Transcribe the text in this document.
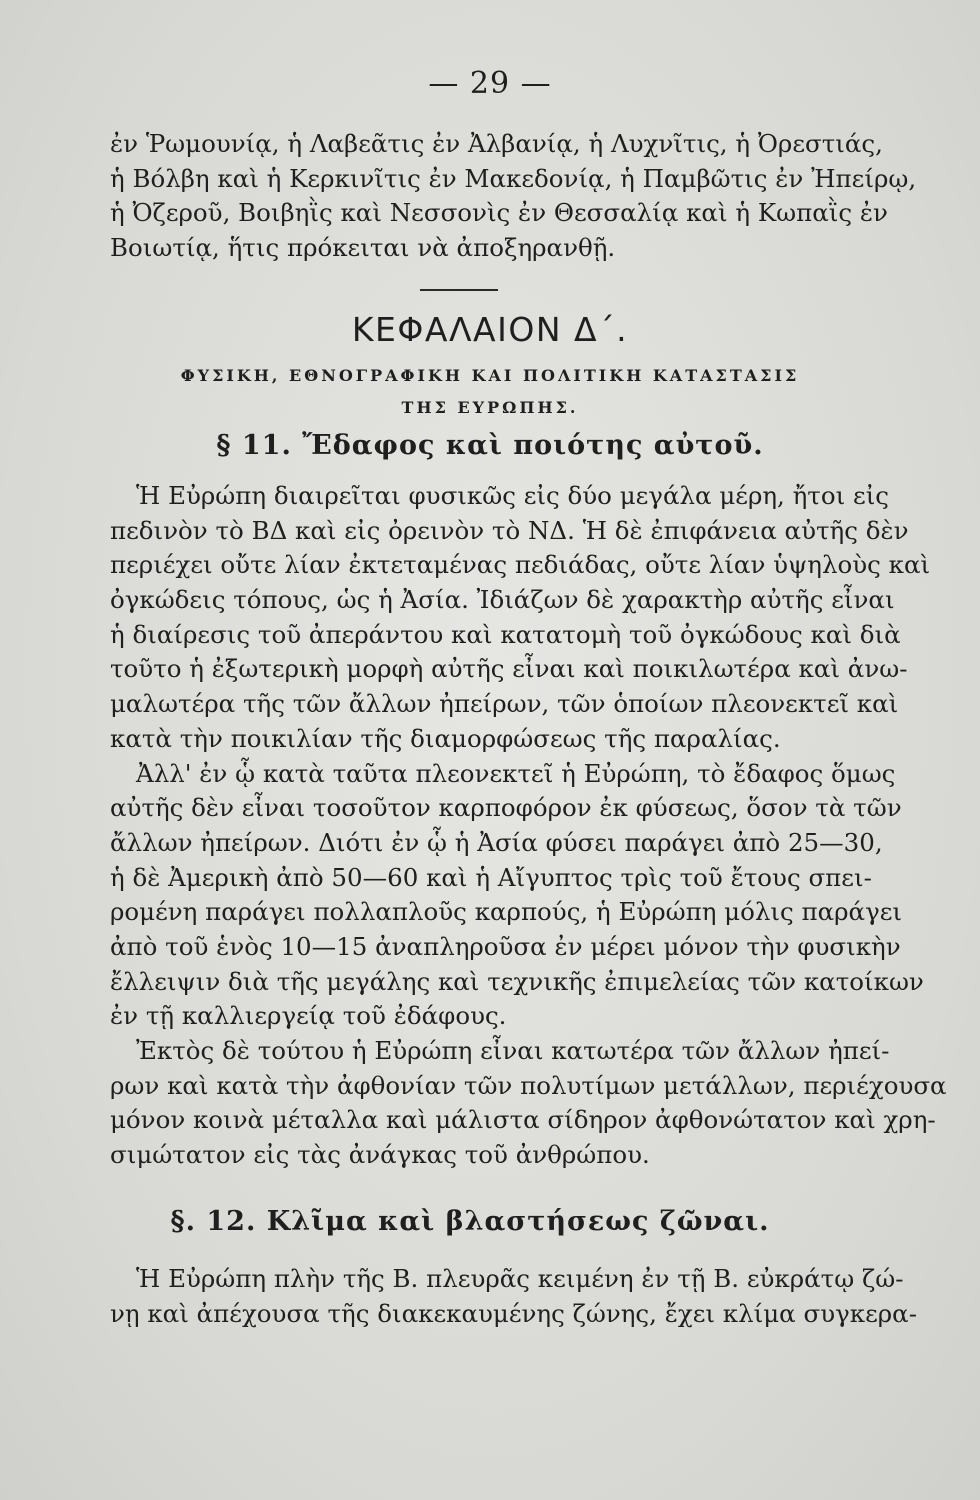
— 29 —
ἐν Ῥωμουνίᾳ, ἡ Λαβεᾶτις ἐν Ἀλβανίᾳ, ἡ Λυχνῖτις, ἡ Ὀρεστιάς,
ἡ Βόλβη καὶ ἡ Κερκινῖτις ἐν Μακεδονίᾳ, ἡ Παμβῶτις ἐν Ἠπείρῳ,
ἡ Ὀζεροῦ, Βοιβηῒς καὶ Νεσσονὶς ἐν Θεσσαλίᾳ καὶ ἡ Κωπαῒς ἐν
Βοιωτίᾳ, ἥτις πρόκειται νὰ ἀποξηρανθῇ.
ΚΕΦΑΛΑΙΟΝ Δ΄.
ΦΥΣΙΚΗ, ΕΘΝΟΓΡΑΦΙΚΗ ΚΑΙ ΠΟΛΙΤΙΚΗ ΚΑΤΑΣΤΑΣΙΣ
ΤΗΣ ΕΥΡΩΠΗΣ.
§ 11. Ἔδαφος καὶ ποιότης αὐτοῦ.
Ἡ Εὐρώπη διαιρεῖται φυσικῶς εἰς δύο μεγάλα μέρη, ἤτοι εἰς
πεδινὸν τὸ ΒΔ καὶ εἰς ὀρεινὸν τὸ ΝΔ. Ἡ δὲ ἐπιφάνεια αὐτῆς δὲν
περιέχει οὔτε λίαν ἐκτεταμένας πεδιάδας, οὔτε λίαν ὑψηλοὺς καὶ
ὀγκώδεις τόπους, ὡς ἡ Ἀσία. Ἰδιάζων δὲ χαρακτὴρ αὐτῆς εἶναι
ἡ διαίρεσις τοῦ ἀπεράντου καὶ κατατομὴ τοῦ ὀγκώδους καὶ διὰ
τοῦτο ἡ ἐξωτερικὴ μορφὴ αὐτῆς εἶναι καὶ ποικιλωτέρα καὶ ἀνω-
μαλωτέρα τῆς τῶν ἄλλων ἠπείρων, τῶν ὁποίων πλεονεκτεῖ καὶ
κατὰ τὴν ποικιλίαν τῆς διαμορφώσεως τῆς παραλίας.
Ἀλλ' ἐν ᾧ κατὰ ταῦτα πλεονεκτεῖ ἡ Εὐρώπη, τὸ ἔδαφος ὅμως
αὐτῆς δὲν εἶναι τοσοῦτον καρποφόρον ἐκ φύσεως, ὅσον τὰ τῶν
ἄλλων ἠπείρων. Διότι ἐν ᾧ ἡ Ἀσία φύσει παράγει ἀπὸ 25—30,
ἡ δὲ Ἀμερικὴ ἀπὸ 50—60 καὶ ἡ Αἴγυπτος τρὶς τοῦ ἔτους σπει-
ρομένη παράγει πολλαπλοῦς καρπούς, ἡ Εὐρώπη μόλις παράγει
ἀπὸ τοῦ ἑνὸς 10—15 ἀναπληροῦσα ἐν μέρει μόνον τὴν φυσικὴν
ἔλλειψιν διὰ τῆς μεγάλης καὶ τεχνικῆς ἐπιμελείας τῶν κατοίκων
ἐν τῇ καλλιεργείᾳ τοῦ ἐδάφους.
Ἐκτὸς δὲ τούτου ἡ Εὐρώπη εἶναι κατωτέρα τῶν ἄλλων ἠπεί-
ρων καὶ κατὰ τὴν ἀφθονίαν τῶν πολυτίμων μετάλλων, περιέχουσα
μόνον κοινὰ μέταλλα καὶ μάλιστα σίδηρον ἀφθονώτατον καὶ χρη-
σιμώτατον εἰς τὰς ἀνάγκας τοῦ ἀνθρώπου.
§. 12. Κλῖμα καὶ βλαστήσεως ζῶναι.
Ἡ Εὐρώπη πλὴν τῆς Β. πλευρᾶς κειμένη ἐν τῇ Β. εὐκράτῳ ζώ-
νῃ καὶ ἀπέχουσα τῆς διακεκαυμένης ζώνης, ἔχει κλίμα συγκερα-
